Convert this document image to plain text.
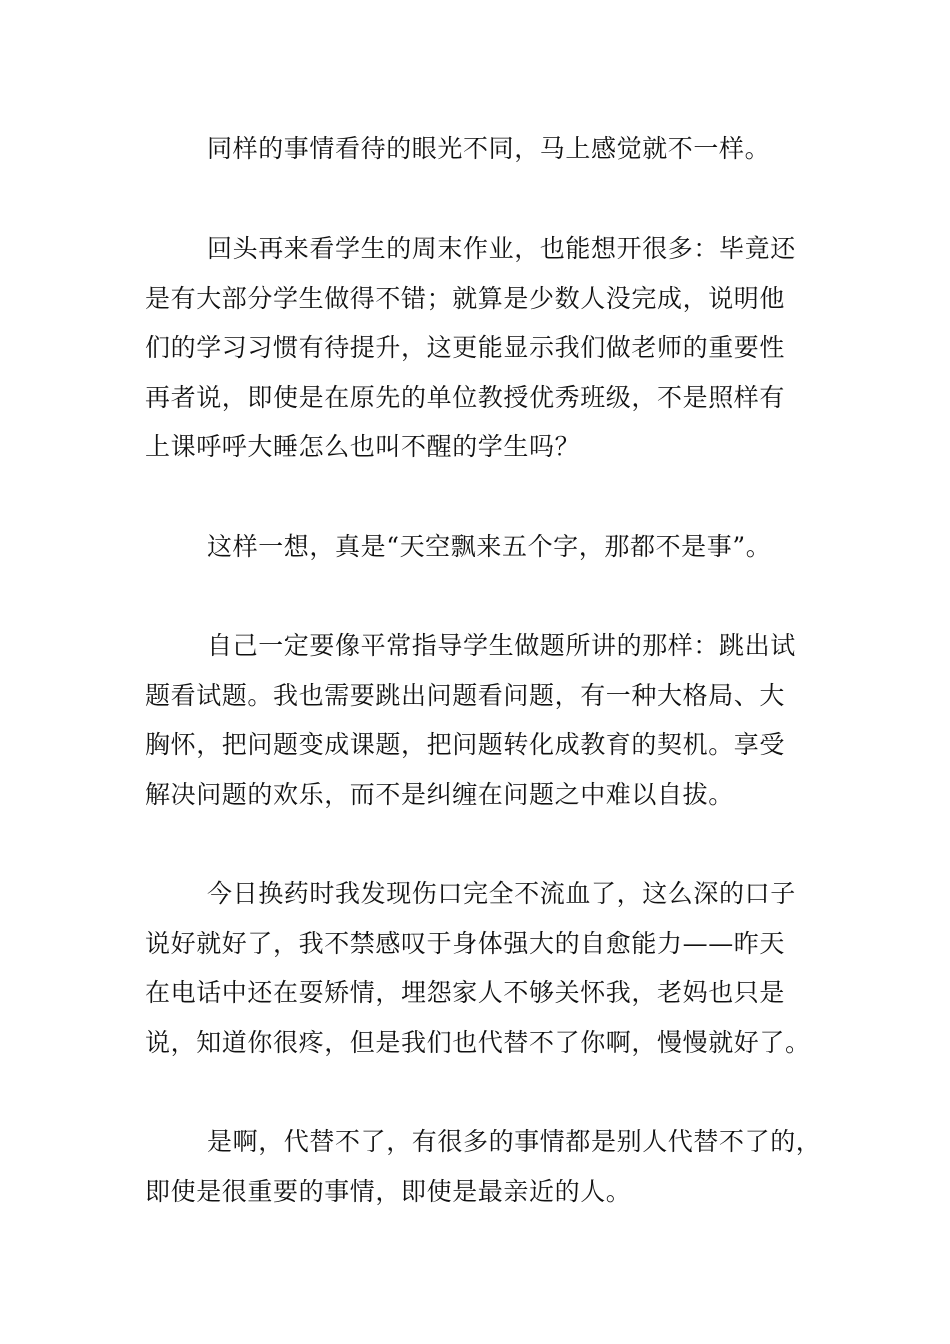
同样的事情看待的眼光不同，马上感觉就不一样。
回头再来看学生的周末作业，也能想开很多：毕竟还
是有大部分学生做得不错；就算是少数人没完成，说明他
们的学习习惯有待提升，这更能显示我们做老师的重要性
再者说，即使是在原先的单位教授优秀班级，不是照样有
上课呼呼大睡怎么也叫不醒的学生吗？
这样一想，真是“天空飘来五个字，那都不是事”。
自己一定要像平常指导学生做题所讲的那样：跳出试
题看试题。我也需要跳出问题看问题，有一种大格局、大
胸怀，把问题变成课题，把问题转化成教育的契机。享受
解决问题的欢乐，而不是纠缠在问题之中难以自拔。
今日换药时我发现伤口完全不流血了，这么深的口子
说好就好了，我不禁感叹于身体强大的自愈能力——昨天
在电话中还在耍矫情，埋怨家人不够关怀我，老妈也只是
说，知道你很疼，但是我们也代替不了你啊，慢慢就好了。
是啊，代替不了，有很多的事情都是别人代替不了的，
即使是很重要的事情，即使是最亲近的人。
